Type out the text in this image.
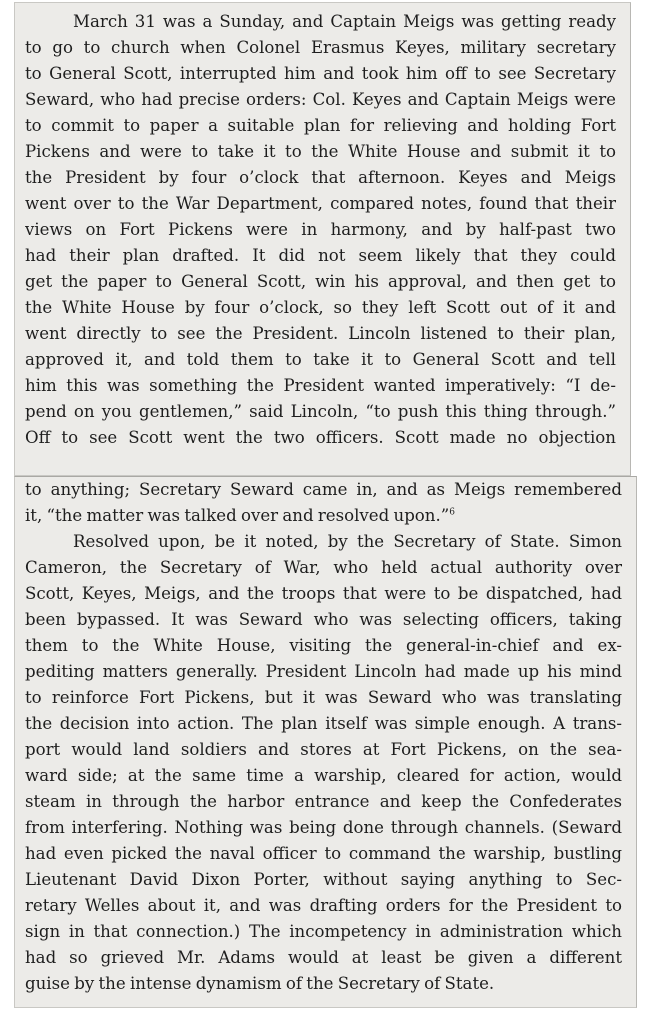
March 31 was a Sunday, and Captain Meigs was getting ready
to go to church when Colonel Erasmus Keyes, military secretary
to General Scott, interrupted him and took him off to see Secretary
Seward, who had precise orders: Col. Keyes and Captain Meigs were
to commit to paper a suitable plan for relieving and holding Fort
Pickens and were to take it to the White House and submit it to
the President by four o’clock that afternoon. Keyes and Meigs
went over to the War Department, compared notes, found that their
views on Fort Pickens were in harmony, and by half-past two
had their plan drafted. It did not seem likely that they could
get the paper to General Scott, win his approval, and then get to
the White House by four o’clock, so they left Scott out of it and
went directly to see the President. Lincoln listened to their plan,
approved it, and told them to take it to General Scott and tell
him this was something the President wanted imperatively: “I de-
pend on you gentlemen,” said Lincoln, “to push this thing through.”
Off to see Scott went the two officers. Scott made no objection

to anything; Secretary Seward came in, and as Meigs remembered
it, “the matter was talked over and resolved upon.”$^6$
Resolved upon, be it noted, by the Secretary of State. Simon
Cameron, the Secretary of War, who held actual authority over
Scott, Keyes, Meigs, and the troops that were to be dispatched, had
been bypassed. It was Seward who was selecting officers, taking
them to the White House, visiting the general-in-chief and ex-
pediting matters generally. President Lincoln had made up his mind
to reinforce Fort Pickens, but it was Seward who was translating
the decision into action. The plan itself was simple enough. A trans-
port would land soldiers and stores at Fort Pickens, on the sea-
ward side; at the same time a warship, cleared for action, would
steam in through the harbor entrance and keep the Confederates
from interfering. Nothing was being done through channels. (Seward
had even picked the naval officer to command the warship, bustling
Lieutenant David Dixon Porter, without saying anything to Sec-
retary Welles about it, and was drafting orders for the President to
sign in that connection.) The incompetency in administration which
had so grieved Mr. Adams would at least be given a different
guise by the intense dynamism of the Secretary of State.
